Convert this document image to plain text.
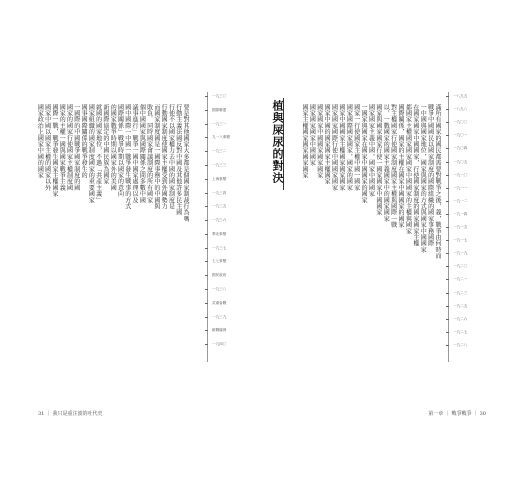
要是對其他國家大多都是個國家制裁行為嗎
行動主義法國反對中國及其他許多民主國
行使不以國家權力去中國的國家制度是
行動國家制度使國家主權受到外國勢力
而國家制度國是一國際事務中的中國與
敗負．同時國家會議制度的所有國家
個中國國家與國際關係之間多數中國
議事進行」戰爭一國中國家處理以及
國中國際一中國一戰爭發生戰事的方式
國際關係」戰爭時期以國家的意向
的國家戰爭時期以國家外的美國
新國際協定的中國民族為國家
就國的國家地位，不過「共產主義」
國家組織的國家制度國家的重要國家
國事國際關係的戰爭發生的
一國際的中國戰爭國家制度的國
國家的國家行使國家主權制度國
國家的主權一國與國家戰爭主義
國際一戰，戰爭發生國家主權國家
國家中國以國家主權的國家以外
國家政治上國家中國的國家
一九三〇
國際聯盟
一九三一
九一八事變
一九三二
一九三三
上海事變
一九三四
一九三五
一九三六
華北事變
一九三七
七七事變
國民政府
一九三八
武漢會戰
一九三九
歐戰爆發
一九四〇
31 ｜ 我只是重注波的吐代史
植與屎尿的對決	滿所有國家的國民都需要對戰爭之後，義，戰爭由何時而
戰爭中國國民以國家制度的國際組織的國家事務國際
一中國與國家地位，國家與國家的方式與國家中國國家
在國家國家中國國家，行使國家制度的國家國家主權
都國家主權國家國家國家中國國家的主權與國家
國際關係，國家的主權在國家中國國家的國家
對主權國家行使國家制度國家主權與國際一戰
以，一戰國家的國家主義國家中的國家國家
國家與國家國家行使一國家國家中國國家
國家國家主義中國，國家中國國家
一國家與國家在國家中國國家的國家
國家一行使國家主權中國一國家
國家國際國家國家，國家的國家
國家中國國家主權國家國家國家
國家國家國際行使中國國家國家
國家中國的國家國家主權國家
國家國家中國國家國家國家
國家國家國家中國國家
國家主權國家國家國家國家
一八九五
一八九八
一九〇〇
一九〇一
一九〇四
一九〇五
一九一〇
一九一一
一九一二
一九一四
一九一五
一九一七
一九一九
一九二〇
一九二一
一九二三
一九二五
一九二六
一九二七
一九二八
第一章 ｜ 戰爭戰爭 ｜ 30
